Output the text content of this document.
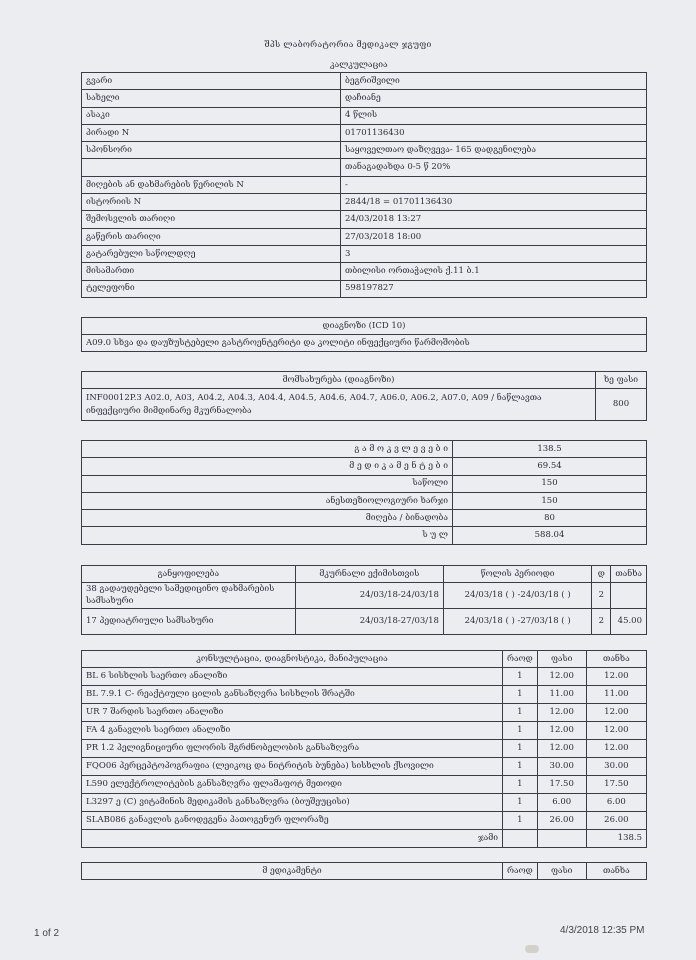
შპს ლაბორატორია მედიკალ ჯგუფი
კალკულაცია
გვარი	ბეგრიშვილი
სახელი	დაჩიანე
ასაკი	4 წლის
პირადი N	01701136430
სპონსორი	საყოველთაო დაზღვევა- 165 დადგენილება
	თანაგადახდა 0-5 წ 20%
მიღების ან დახმარების წერილის N	-
ისტორიის N	2844/18 = 01701136430
შემოსვლის თარიღი	24/03/2018 13:27
გაწერის თარიღი	27/03/2018 18:00
გატარებული საწოლდღე	3
მისამართი	თბილისი ორთაჭალის ქ.11 ბ.1
ტელეფონი	598197827
დიაგნოზი (ICD 10)
A09.0 სხვა და დაუზუსტებელი გასტროენტერიტი და კოლიტი ინფექციური წარმოშობის
მომსახურება (დიაგნოზი)	ხე ფასი
INF00012P.3 A02.0, A03, A04.2, A04.3, A04.4, A04.5, A04.6, A04.7, A06.0, A06.2, A07.0, A09 / ნაწლავთა
ინფექციური მიმდინარე მკურნალობა	800
გ ა მ ო კ ვ ლ ე ვ ე ბ ი	138.5
მ ე დ ი კ ა მ ე ნ ტ ე ბ ი	69.54
საწოლი	150
ანესთეზიოლოგიური ხარჯი	150
მიღება / ბინადობა	80
ს უ ლ	588.04
განყოფილება	მკურნალი ექიმისთვის	წოლის პერიოდი	დ	თანხა
38 გადაუდებელი სამედიცინო დახმარების
სამსახური	24/03/18-24/03/18	24/03/18 ( ) -24/03/18 ( )	2	
17 პედიატრიული სამსახური	24/03/18-27/03/18	24/03/18 ( ) -27/03/18 ( )	2	45.00
კონსულტაცია, დიაგნოსტიკა, მანიპულაცია	რაოდ	ფასი	თანხა
BL 6 სისხლის საერთო ანალიზი	1	12.00	12.00
BL 7.9.1 C- რეაქტიული ცილის განსაზღვრა სისხლის შრატში	1	11.00	11.00
UR 7 შარდის საერთო ანალიზი	1	12.00	12.00
FA 4 განავლის საერთო ანალიზი	1	12.00	12.00
PR 1.2 პელიგნიციური ფლორის მგრძნობელობის განსაზღვრა	1	12.00	12.00
FQO06 პერცეპტოპოგრაფია (ლეიკოც და ნიტრიტის ბუნება) სისხლის ქსოვილი	1	30.00	30.00
L590 ელექტროლიტების განსაზღვრა ფლამაფოტ მეთოდი	1	17.50	17.50
L3297 ე (C) ვიტამინის მედიკამის განსაზღვრა (ბიუშეუცისი)	1	6.00	6.00
SLAB086 განავლის განოდეგენა პათოგენურ ფლორაზე	1	26.00	26.00
ჯამი			138.5
მ ედიკამენტი	რაოდ	ფასი	თანხა
1 of 2	4/3/2018 12:35 PM
